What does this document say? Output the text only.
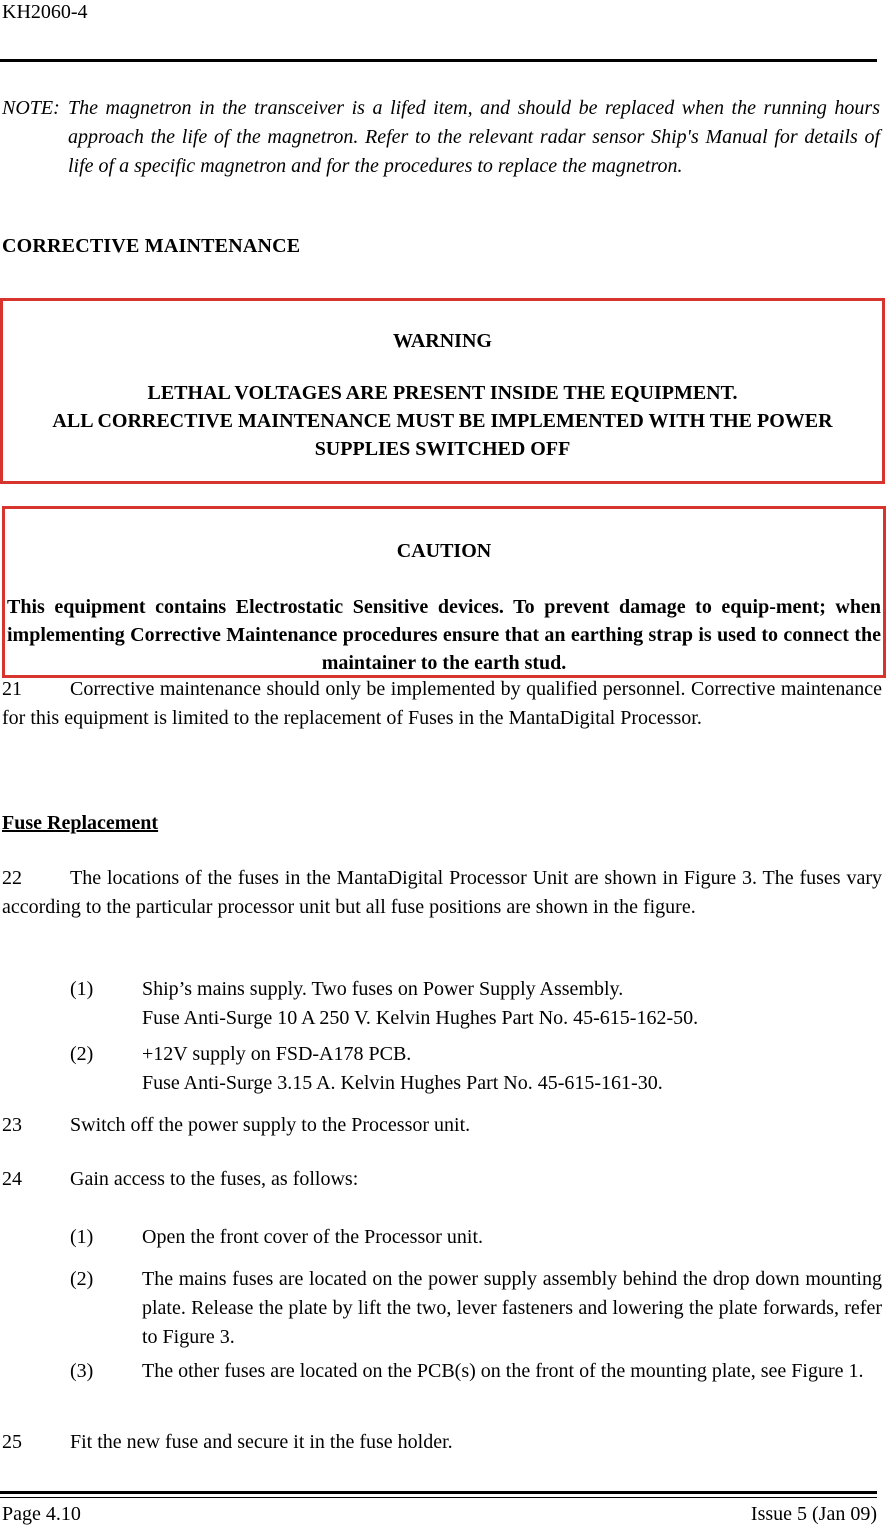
KH2060-4
NOTE: The magnetron in the transceiver is a lifed item, and should be replaced when the running hours approach the life of the magnetron. Refer to the relevant radar sensor Ship's Manual for details of life of a specific magnetron and for the procedures to replace the magnetron.
CORRECTIVE MAINTENANCE
WARNING
LETHAL VOLTAGES ARE PRESENT INSIDE THE EQUIPMENT.
ALL CORRECTIVE MAINTENANCE MUST BE IMPLEMENTED WITH THE POWER SUPPLIES SWITCHED OFF
CAUTION
This equipment contains Electrostatic Sensitive devices. To prevent damage to equip-ment; when implementing Corrective Maintenance procedures ensure that an earthing strap is used to connect the maintainer to the earth stud.
21	Corrective maintenance should only be implemented by qualified personnel. Corrective maintenance for this equipment is limited to the replacement of Fuses in the MantaDigital Processor.
Fuse Replacement
22	The locations of the fuses in the MantaDigital Processor Unit are shown in Figure 3. The fuses vary according to the particular processor unit but all fuse positions are shown in the figure.
(1) Ship’s mains supply. Two fuses on Power Supply Assembly.
Fuse Anti-Surge 10 A 250 V. Kelvin Hughes Part No. 45-615-162-50.
(2) +12V supply on FSD-A178 PCB.
Fuse Anti-Surge 3.15 A. Kelvin Hughes Part No. 45-615-161-30.
23	Switch off the power supply to the Processor unit.
24	Gain access to the fuses, as follows:
(1) Open the front cover of the Processor unit.
(2) The mains fuses are located on the power supply assembly behind the drop down mounting plate. Release the plate by lift the two, lever fasteners and lowering the plate forwards, refer to Figure 3.
(3) The other fuses are located on the PCB(s) on the front of the mounting plate, see Figure 1.
25	Fit the new fuse and secure it in the fuse holder.
Page 4.10	Issue 5 (Jan 09)
